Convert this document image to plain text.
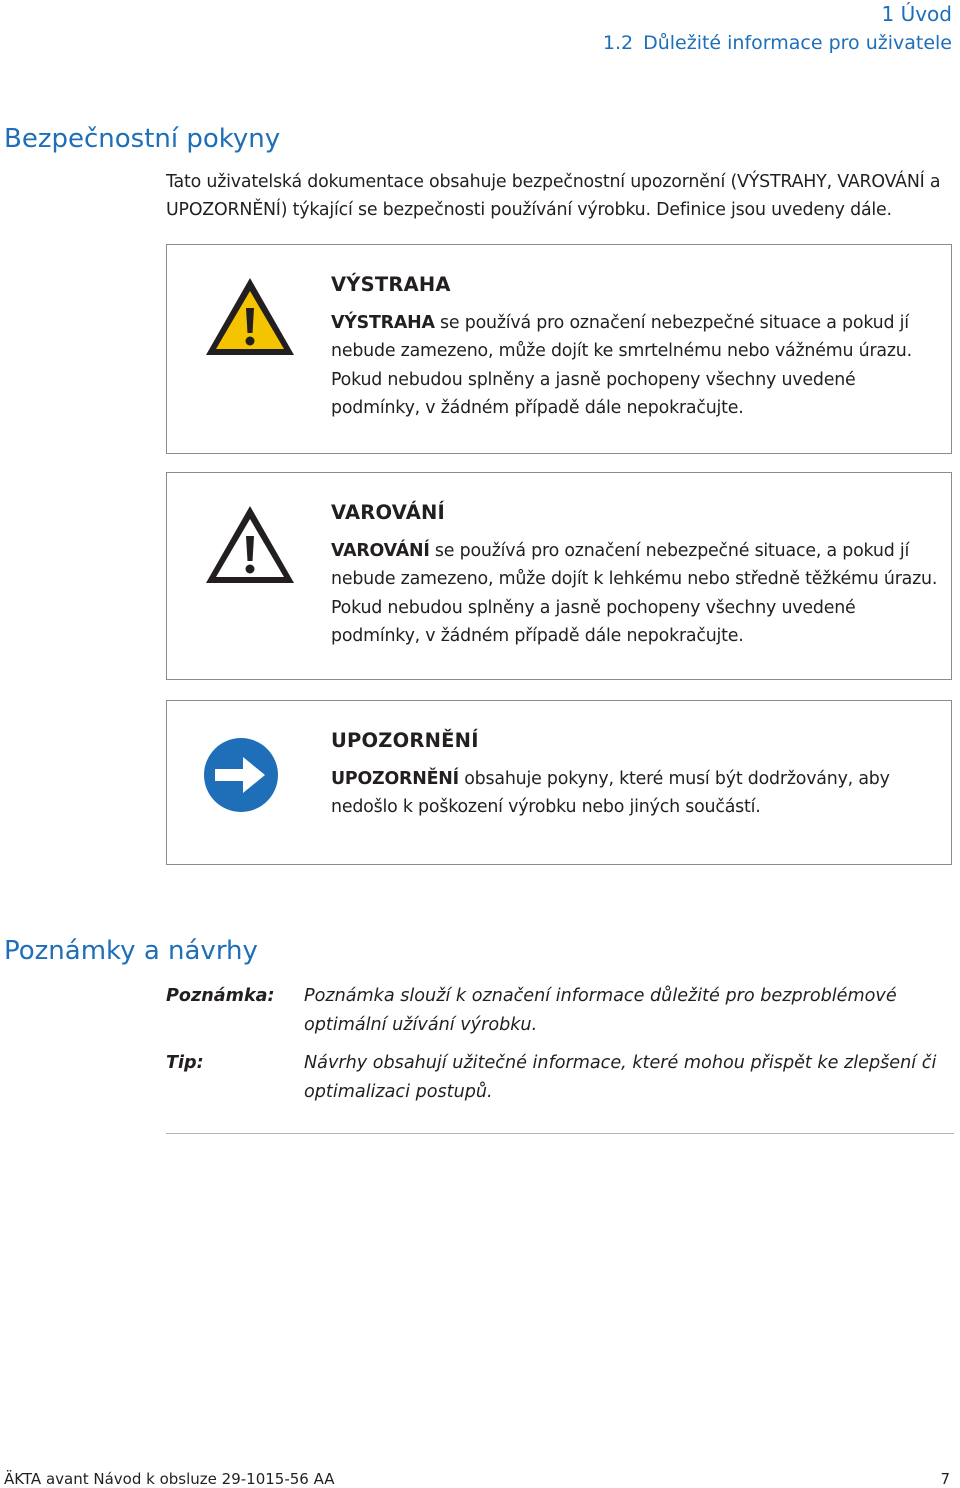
1 Úvod
1.2 Důležité informace pro uživatele
Bezpečnostní pokyny
Tato uživatelská dokumentace obsahuje bezpečnostní upozornění (VÝSTRAHY, VAROVÁNÍ a UPOZORNĚNÍ) týkající se bezpečnosti používání výrobku. Definice jsou uvedeny dále.
VÝSTRAHA
VÝSTRAHA se používá pro označení nebezpečné situace a pokud jí nebude zamezeno, může dojít ke smrtelnému nebo vážnému úrazu. Pokud nebudou splněny a jasně pochopeny všechny uvedené podmínky, v žádném případě dále nepokračujte.
VAROVÁNÍ
VAROVÁNÍ se používá pro označení nebezpečné situace, a pokud jí nebude zamezeno, může dojít k lehkému nebo středně těžkému úrazu. Pokud nebudou splněny a jasně pochopeny všechny uvedené podmínky, v žádném případě dále nepokračujte.
UPOZORNĚNÍ
UPOZORNĚNÍ obsahuje pokyny, které musí být dodržovány, aby nedošlo k poškození výrobku nebo jiných součástí.
Poznámky a návrhy
Poznámka: Poznámka slouží k označení informace důležité pro bezproblémové optimální užívání výrobku.
Tip:	Návrhy obsahují užitečné informace, které mohou přispět ke zlepšení či optimalizaci postupů.
ÄKTA avant Návod k obsluze 29-1015-56 AA	7
